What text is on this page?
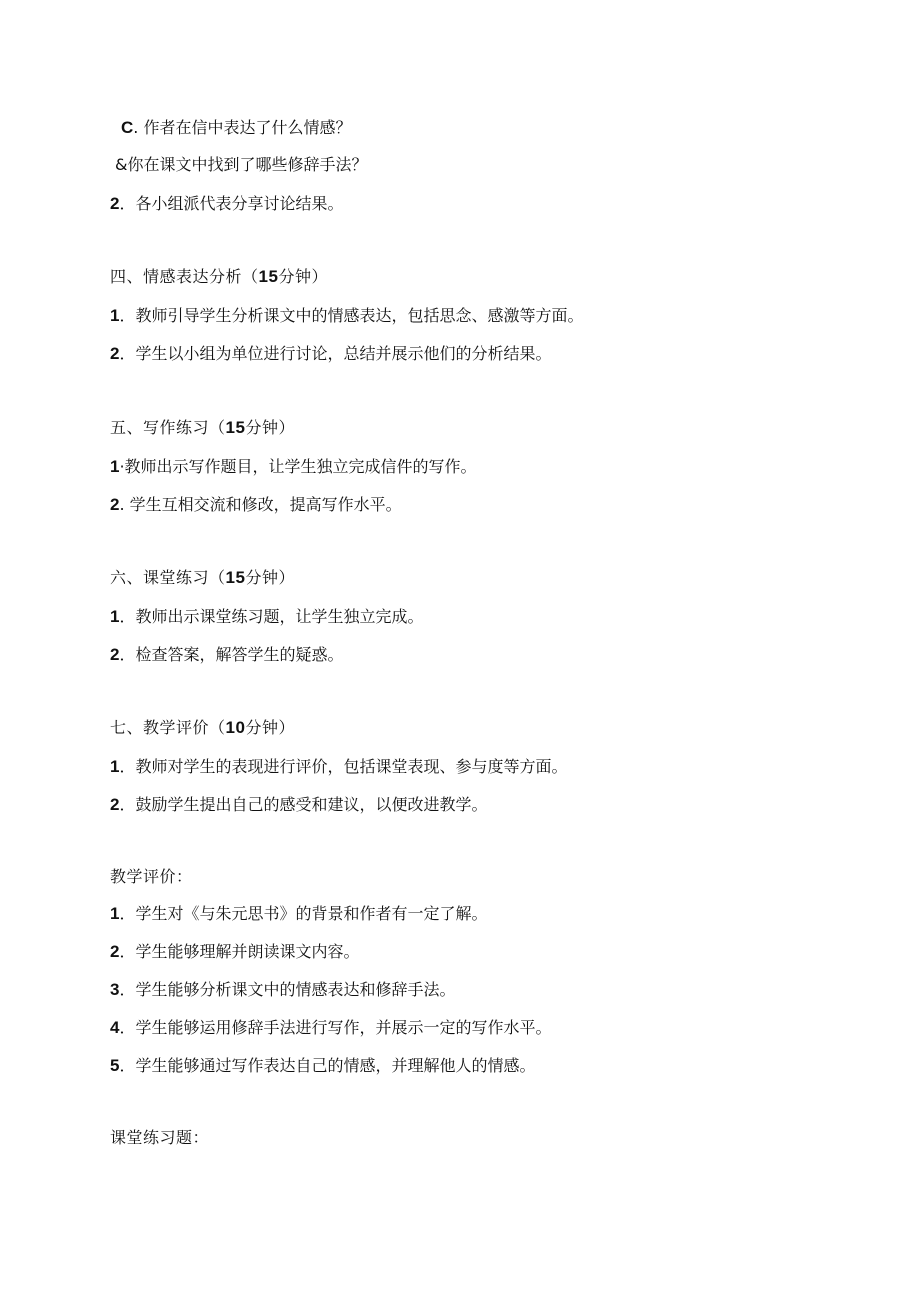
C. 作者在信中表达了什么情感？
&你在课文中找到了哪些修辞手法？
2．各小组派代表分享讨论结果。
四、情感表达分析（15分钟）
1．教师引导学生分析课文中的情感表达，包括思念、感激等方面。
2．学生以小组为单位进行讨论，总结并展示他们的分析结果。
五、写作练习（15分钟）
1·教师出示写作题目，让学生独立完成信件的写作。
2. 学生互相交流和修改，提高写作水平。
六、课堂练习（15分钟）
1．教师出示课堂练习题，让学生独立完成。
2．检查答案，解答学生的疑惑。
七、教学评价（10分钟）
1．教师对学生的表现进行评价，包括课堂表现、参与度等方面。
2．鼓励学生提出自己的感受和建议，以便改进教学。
教学评价：
1．学生对《与朱元思书》的背景和作者有一定了解。
2．学生能够理解并朗读课文内容。
3．学生能够分析课文中的情感表达和修辞手法。
4．学生能够运用修辞手法进行写作，并展示一定的写作水平。
5．学生能够通过写作表达自己的情感，并理解他人的情感。
课堂练习题：
